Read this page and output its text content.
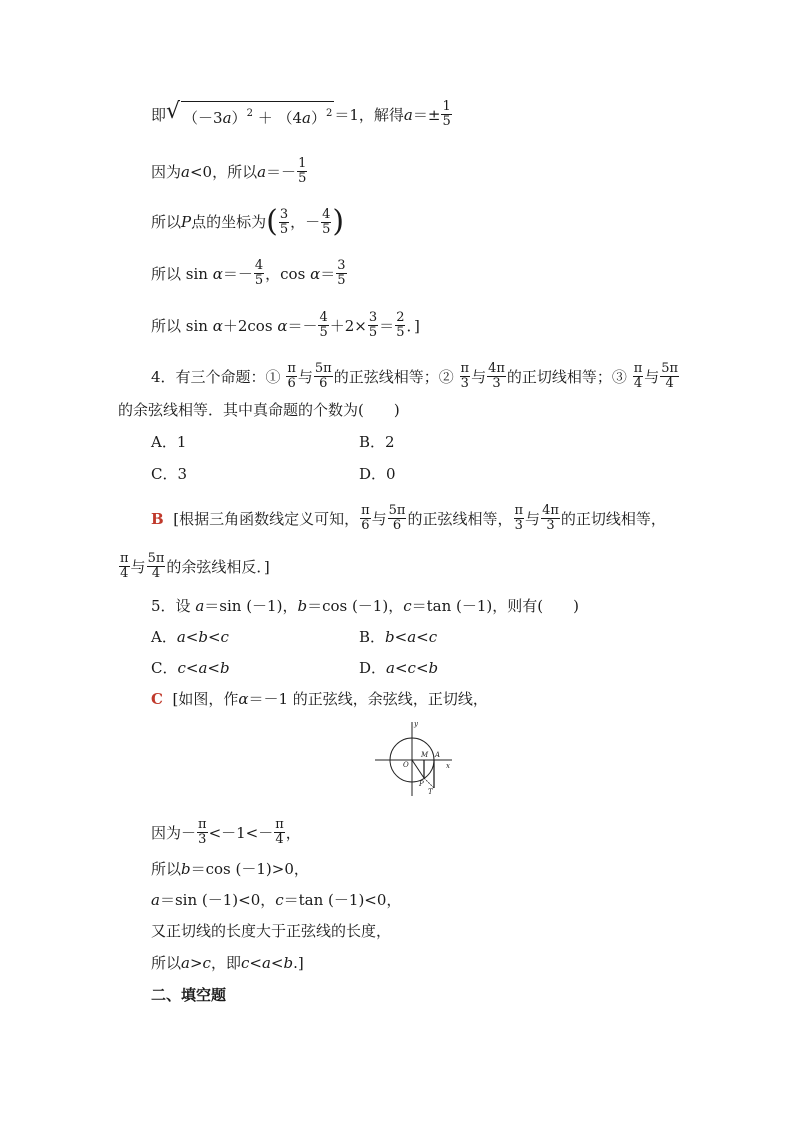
即 √ $(-3a)^2 + (4a)^2 =1$，解得 $a =\pm \frac{1}{5}$
因为 a <0，所以 $a =- \frac{1}{5}$
所以 P 点的坐标为 ( $\frac{3}{5}$ ，－ $\frac{4}{5}$ )
所以 sin
$\alpha =- \frac{4}{5}$ ，cos
$\alpha = \frac{3}{5}$
所以 sin
α ＋2cos
$\alpha =- \frac{4}{5} +2\times \frac{3}{5} = \frac{2}{5}$ ．]
4．有三个命题：①
$\frac{\pi}{6}$ 与 $\frac{5\pi}{6}$ 的正弦线相等；②
$\frac{\pi}{3}$ 与 $\frac{4\pi}{3}$ 的正切线相等；③
$\frac{\pi}{4}$ 与 $\frac{5\pi}{4}$
的余弦线相等．其中真命题的个数为(　　)
A．1	B．2
C．3	D．0
B
[根据三角函数线定义可知， $\frac{\pi}{6}$ 与 $\frac{5\pi}{6}$ 的正弦线相等， $\frac{\pi}{3}$ 与 $\frac{4\pi}{3}$ 的正切线相等，
$\frac{\pi}{4}$ 与 $\frac{5\pi}{4}$ 的余弦线相反．]
5．设
a ＝sin (－1)， b ＝cos (－1)， c ＝tan (－1)，则有(　　)
A．a<b<c	B．b<a<c
C．c<a<b	D．a<c<b
C
[如图，作 α ＝－1 的正弦线，余弦线，正切线，
y
x
O
M A
P
T
因为－ $\frac{\pi}{3} <-1<- \frac{\pi}{4}$ ，
所以 b ＝cos (－1)>0，
a ＝sin (－1)<0， c ＝tan (－1)<0，
又正切线的长度大于正弦线的长度，
所以 a > c ，即 c<a<b .]
二、填空题
